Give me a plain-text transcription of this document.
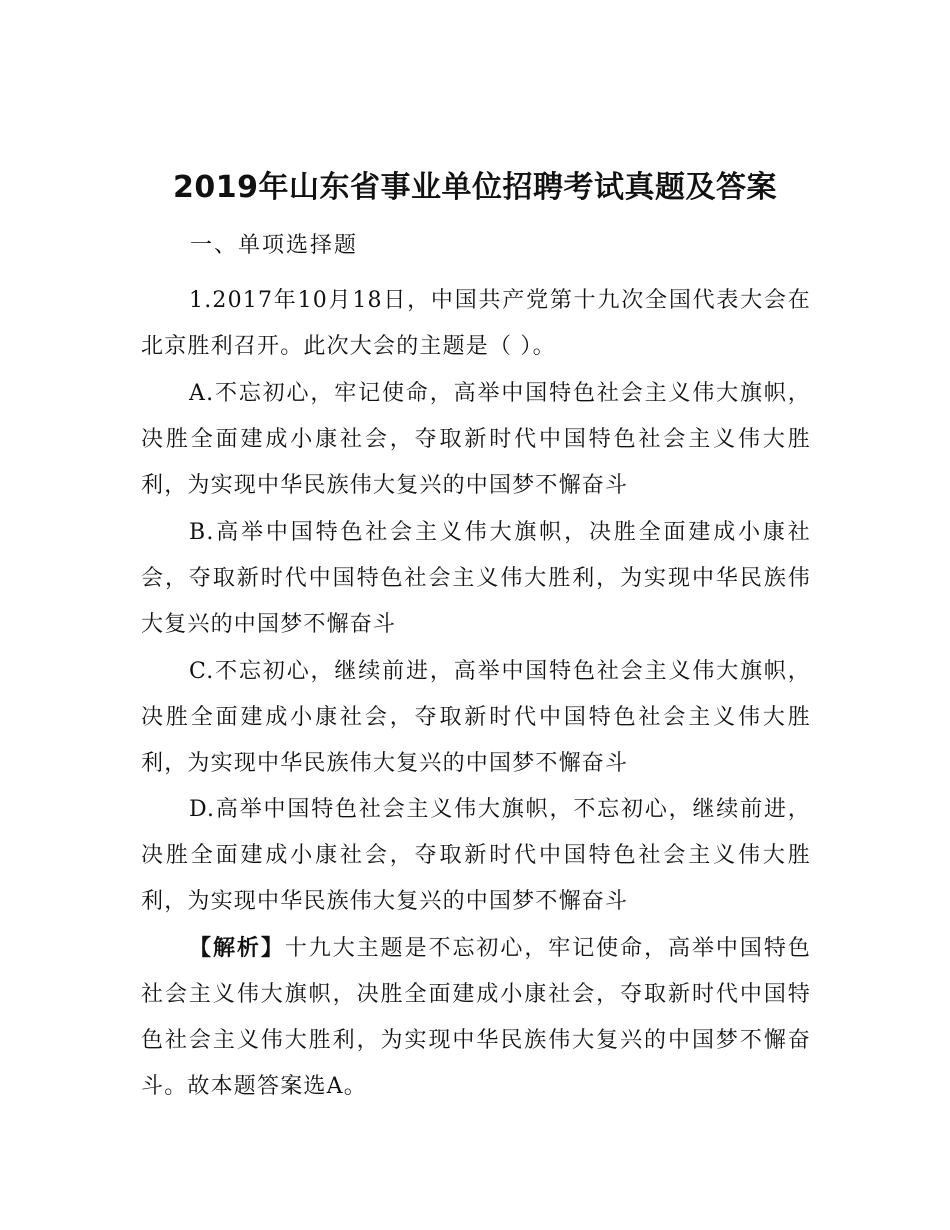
2019年山东省事业单位招聘考试真题及答案

一、单项选择题

1.2017年10月18日，中国共产党第十九次全国代表大会在北京胜利召开。此次大会的主题是（ ）。

A.不忘初心，牢记使命，高举中国特色社会主义伟大旗帜，决胜全面建成小康社会，夺取新时代中国特色社会主义伟大胜利，为实现中华民族伟大复兴的中国梦不懈奋斗

B.高举中国特色社会主义伟大旗帜，决胜全面建成小康社会，夺取新时代中国特色社会主义伟大胜利，为实现中华民族伟大复兴的中国梦不懈奋斗

C.不忘初心，继续前进，高举中国特色社会主义伟大旗帜，决胜全面建成小康社会，夺取新时代中国特色社会主义伟大胜利，为实现中华民族伟大复兴的中国梦不懈奋斗

D.高举中国特色社会主义伟大旗帜，不忘初心，继续前进，决胜全面建成小康社会，夺取新时代中国特色社会主义伟大胜利，为实现中华民族伟大复兴的中国梦不懈奋斗

【解析】十九大主题是不忘初心，牢记使命，高举中国特色社会主义伟大旗帜，决胜全面建成小康社会，夺取新时代中国特色社会主义伟大胜利，为实现中华民族伟大复兴的中国梦不懈奋斗。故本题答案选A。
